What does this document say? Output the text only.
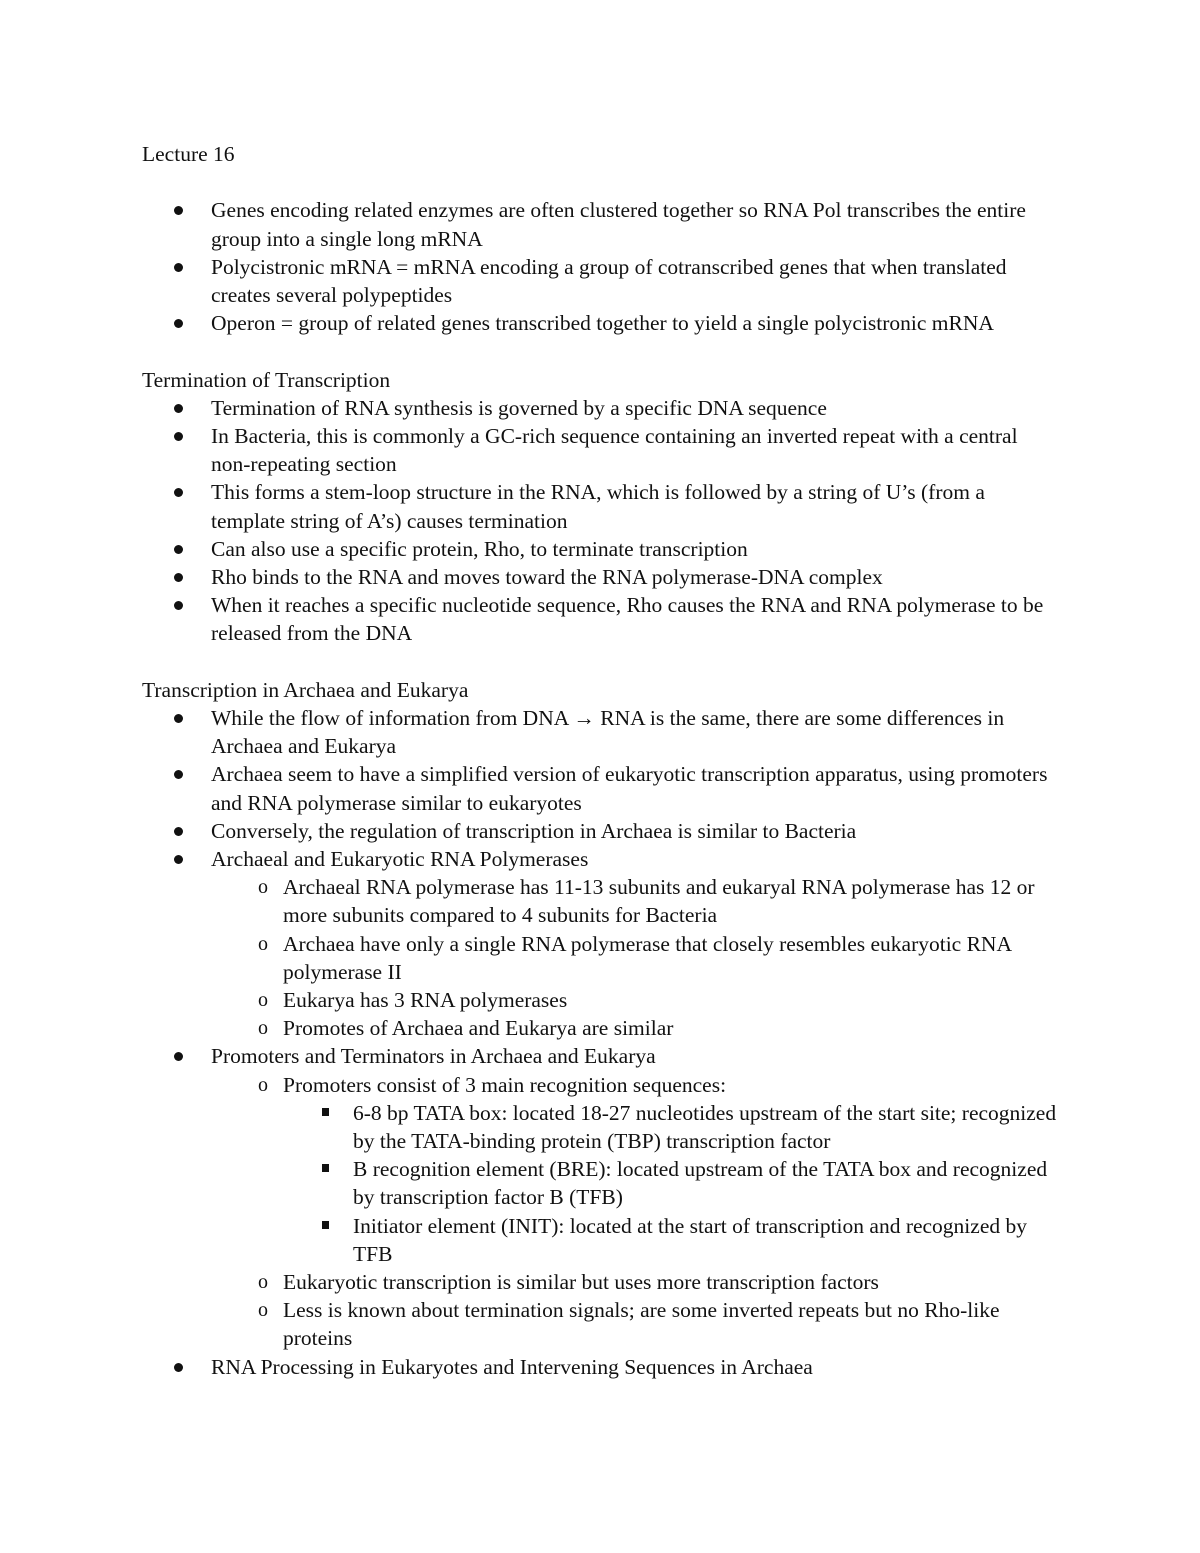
Lecture 16

Genes encoding related enzymes are often clustered together so RNA Pol transcribes the entire group into a single long mRNA
Polycistronic mRNA = mRNA encoding a group of cotranscribed genes that when translated creates several polypeptides
Operon = group of related genes transcribed together to yield a single polycistronic mRNA

Termination of Transcription

Termination of RNA synthesis is governed by a specific DNA sequence
In Bacteria, this is commonly a GC-rich sequence containing an inverted repeat with a central non-repeating section
This forms a stem-loop structure in the RNA, which is followed by a string of U’s (from a template string of A’s) causes termination
Can also use a specific protein, Rho, to terminate transcription
Rho binds to the RNA and moves toward the RNA polymerase-DNA complex
When it reaches a specific nucleotide sequence, Rho causes the RNA and RNA polymerase to be released from the DNA

Transcription in Archaea and Eukarya

While the flow of information from DNA → RNA is the same, there are some differences in Archaea and Eukarya
Archaea seem to have a simplified version of eukaryotic transcription apparatus, using promoters and RNA polymerase similar to eukaryotes
Conversely, the regulation of transcription in Archaea is similar to Bacteria
Archaeal and Eukaryotic RNA Polymerases
o Archaeal RNA polymerase has 11-13 subunits and eukaryal RNA polymerase has 12 or more subunits compared to 4 subunits for Bacteria
o Archaea have only a single RNA polymerase that closely resembles eukaryotic RNA polymerase II
o Eukarya has 3 RNA polymerases
o Promotes of Archaea and Eukarya are similar
Promoters and Terminators in Archaea and Eukarya
o Promoters consist of 3 main recognition sequences:
6-8 bp TATA box: located 18-27 nucleotides upstream of the start site; recognized by the TATA-binding protein (TBP) transcription factor
B recognition element (BRE): located upstream of the TATA box and recognized by transcription factor B (TFB)
Initiator element (INIT): located at the start of transcription and recognized by TFB
o Eukaryotic transcription is similar but uses more transcription factors
o Less is known about termination signals; are some inverted repeats but no Rho-like proteins
RNA Processing in Eukaryotes and Intervening Sequences in Archaea
